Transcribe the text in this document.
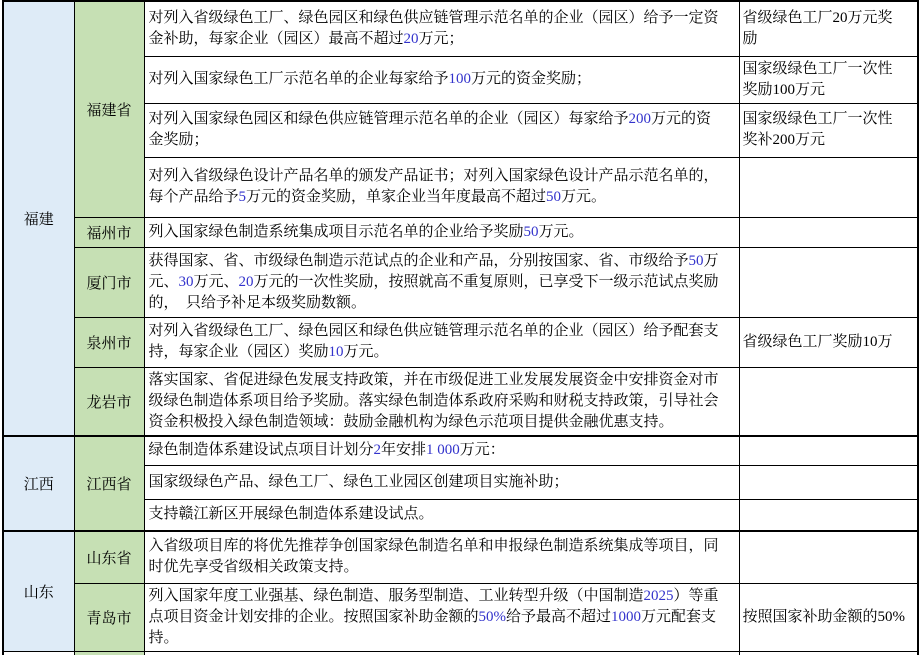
福建	福建省	对列入省级绿色工厂、绿色园区和绿色供应链管理示范名单的企业（园区）给予一定资金补助，每家企业（园区）最高不超过20万元；	省级绿色工厂20万元奖励
		对列入国家绿色工厂示范名单的企业每家给予100万元的资金奖励；	国家级绿色工厂一次性奖励100万元
		对列入国家绿色园区和绿色供应链管理示范名单的企业（园区）每家给予200万元的资金奖励；	国家级绿色工厂一次性奖补200万元
		对列入省级绿色设计产品名单的颁发产品证书；对列入国家绿色设计产品示范名单的，每个产品给予5万元的资金奖励，单家企业当年度最高不超过50万元。	
	福州市	列入国家绿色制造系统集成项目示范名单的企业给予奖励50万元。	
	厦门市	获得国家、省、市级绿色制造示范试点的企业和产品，分别按国家、省、市级给予50万元、30万元、20万元的一次性奖励，按照就高不重复原则，已享受下一级示范试点奖励的，　只给予补足本级奖励数额。	
	泉州市	对列入省级绿色工厂、绿色园区和绿色供应链管理示范名单的企业（园区）给予配套支持，每家企业（园区）奖励10万元。	省级绿色工厂奖励10万
	龙岩市	落实国家、省促进绿色发展支持政策，并在市级促进工业发展发展资金中安排资金对市级绿色制造体系项目给予奖励。落实绿色制造体系政府采购和财税支持政策，引导社会资金积极投入绿色制造领域：鼓励金融机构为绿色示范项目提供金融优惠支持。	
江西	江西省	绿色制造体系建设试点项目计划分2年安排1 000万元：	
		国家级绿色产品、绿色工厂、绿色工业园区创建项目实施补助；	
		支持赣江新区开展绿色制造体系建设试点。	
山东	山东省	入省级项目库的将优先推荐争创国家绿色制造名单和申报绿色制造系统集成等项目，同时优先享受省级相关政策支持。	
	青岛市	列入国家年度工业强基、绿色制造、服务型制造、工业转型升级（中国制造2025）等重 点项目资金计划安排的企业。按照国家补助金额的50%给予最高不超过1000万元配套支持。	按照国家补助金额的50%
